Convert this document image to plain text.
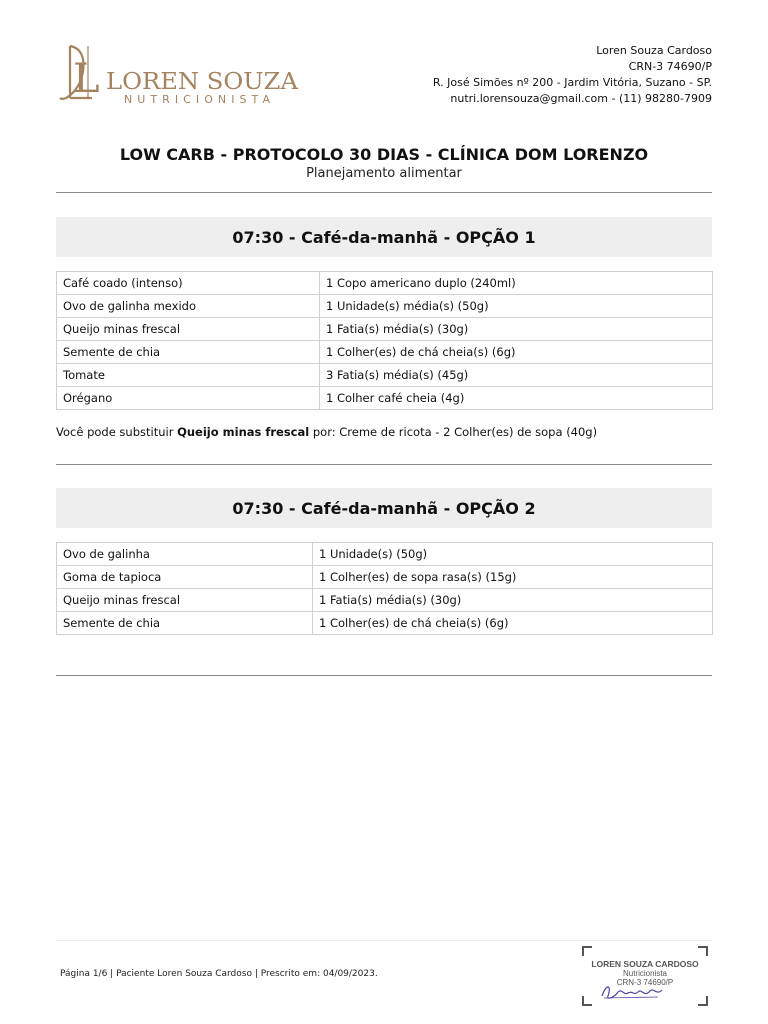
L LOREN SOUZA
NUTRICIONISTA
Loren Souza Cardoso
CRN-3 74690/P
R. José Simões nº 200 - Jardim Vitória, Suzano - SP.
nutri.lorensouza@gmail.com - (11) 98280-7909
LOW CARB - PROTOCOLO 30 DIAS - CLÍNICA DOM LORENZO
Planejamento alimentar
07:30 - Café-da-manhã - OPÇÃO 1
Café coado (intenso)	1 Copo americano duplo (240ml)
Ovo de galinha mexido	1 Unidade(s) média(s) (50g)
Queijo minas frescal	1 Fatia(s) média(s) (30g)
Semente de chia	1 Colher(es) de chá cheia(s) (6g)
Tomate	3 Fatia(s) média(s) (45g)
Orégano	1 Colher café cheia (4g)
Você pode substituir Queijo minas frescal por: Creme de ricota - 2 Colher(es) de sopa (40g)
07:30 - Café-da-manhã - OPÇÃO 2
Ovo de galinha	1 Unidade(s) (50g)
Goma de tapioca	1 Colher(es) de sopa rasa(s) (15g)
Queijo minas frescal	1 Fatia(s) média(s) (30g)
Semente de chia	1 Colher(es) de chá cheia(s) (6g)
Página 1/6 | Paciente Loren Souza Cardoso | Prescrito em: 04/09/2023.
LOREN SOUZA CARDOSO
Nutricionista
CRN-3 74690/P
